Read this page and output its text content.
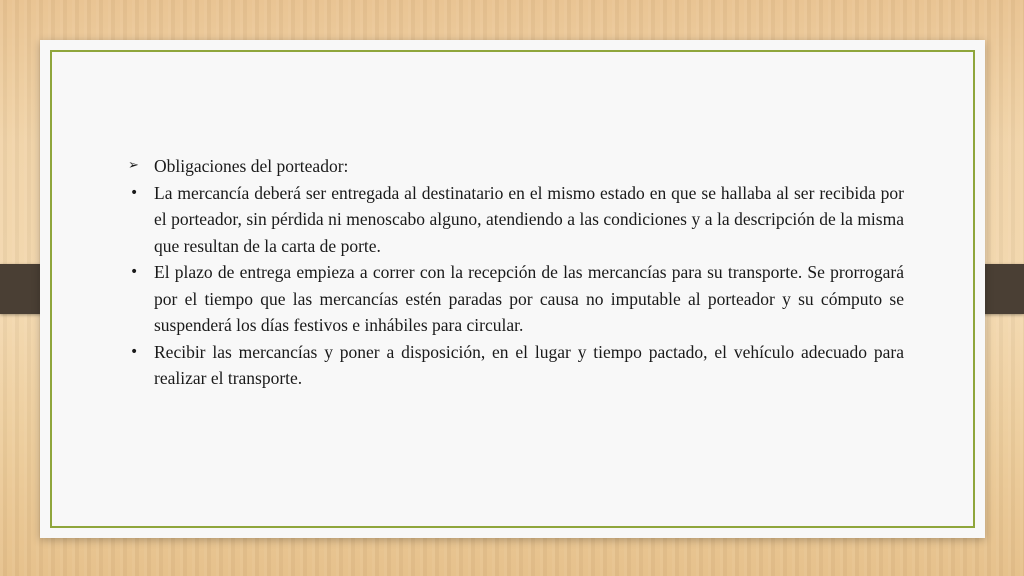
➢ Obligaciones del porteador:

• La mercancía deberá ser entregada al destinatario en el mismo estado en que se hallaba al ser recibida por el porteador, sin pérdida ni menoscabo alguno, atendiendo a las condiciones y a la descripción de la misma que resultan de la carta de porte.

• El plazo de entrega empieza a correr con la recepción de las mercancías para su transporte. Se prorrogará por el tiempo que las mercancías estén paradas por causa no imputable al porteador y su cómputo se suspenderá los días festivos e inhábiles para circular.

• Recibir las mercancías y poner a disposición, en el lugar y tiempo pactado, el vehículo adecuado para realizar el transporte.
